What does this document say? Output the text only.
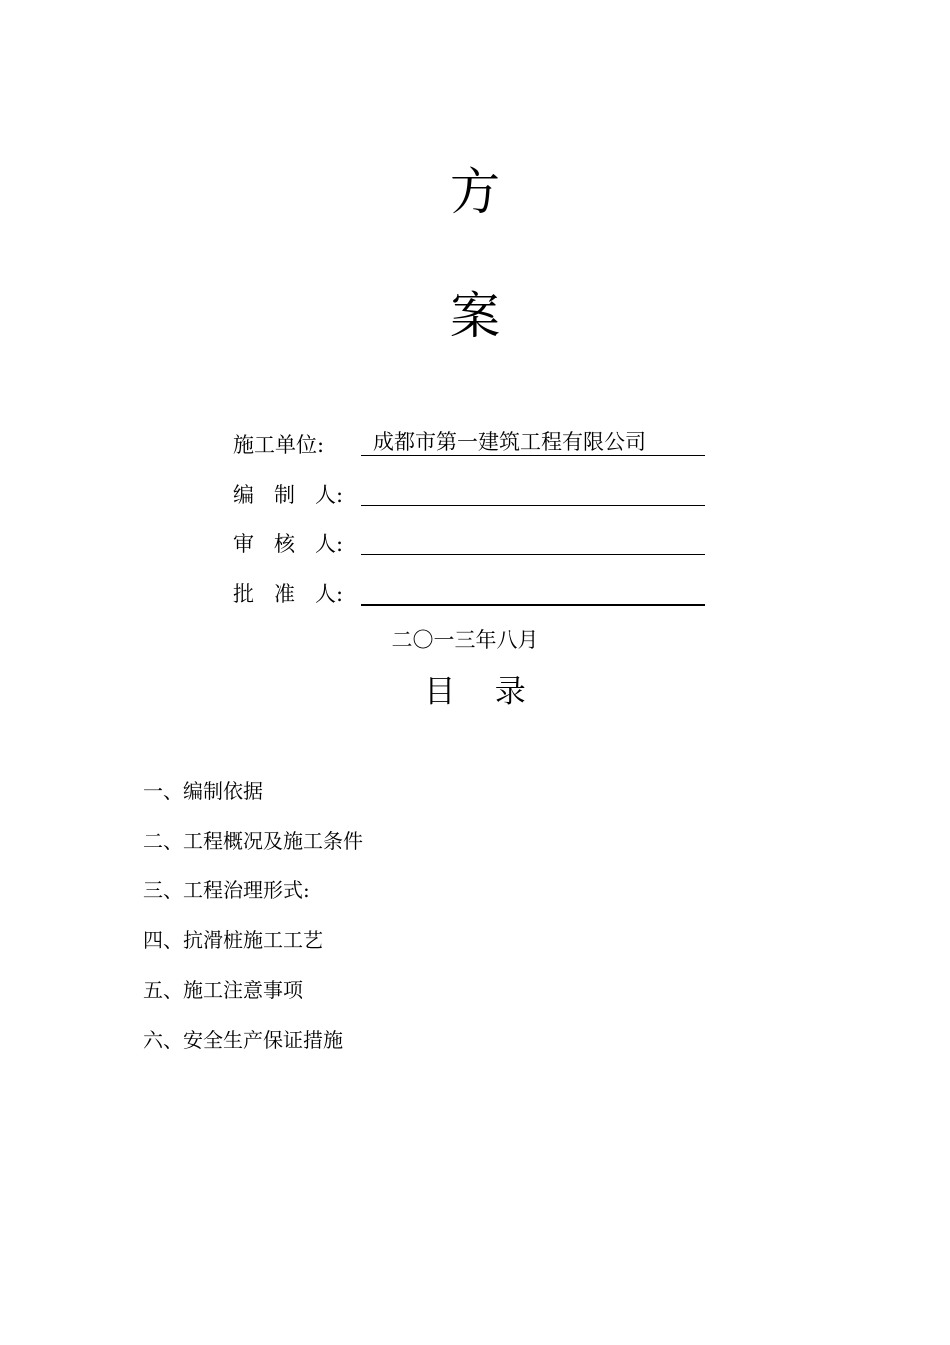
方
案
施工单位: 成都市第一建筑工程有限公司
编   制   人:
审   核   人:
批   准   人:
二〇一三年八月
目    录
一、编制依据
二、工程概况及施工条件
三、工程治理形式:
四、抗滑桩施工工艺
五、施工注意事项
六、安全生产保证措施
